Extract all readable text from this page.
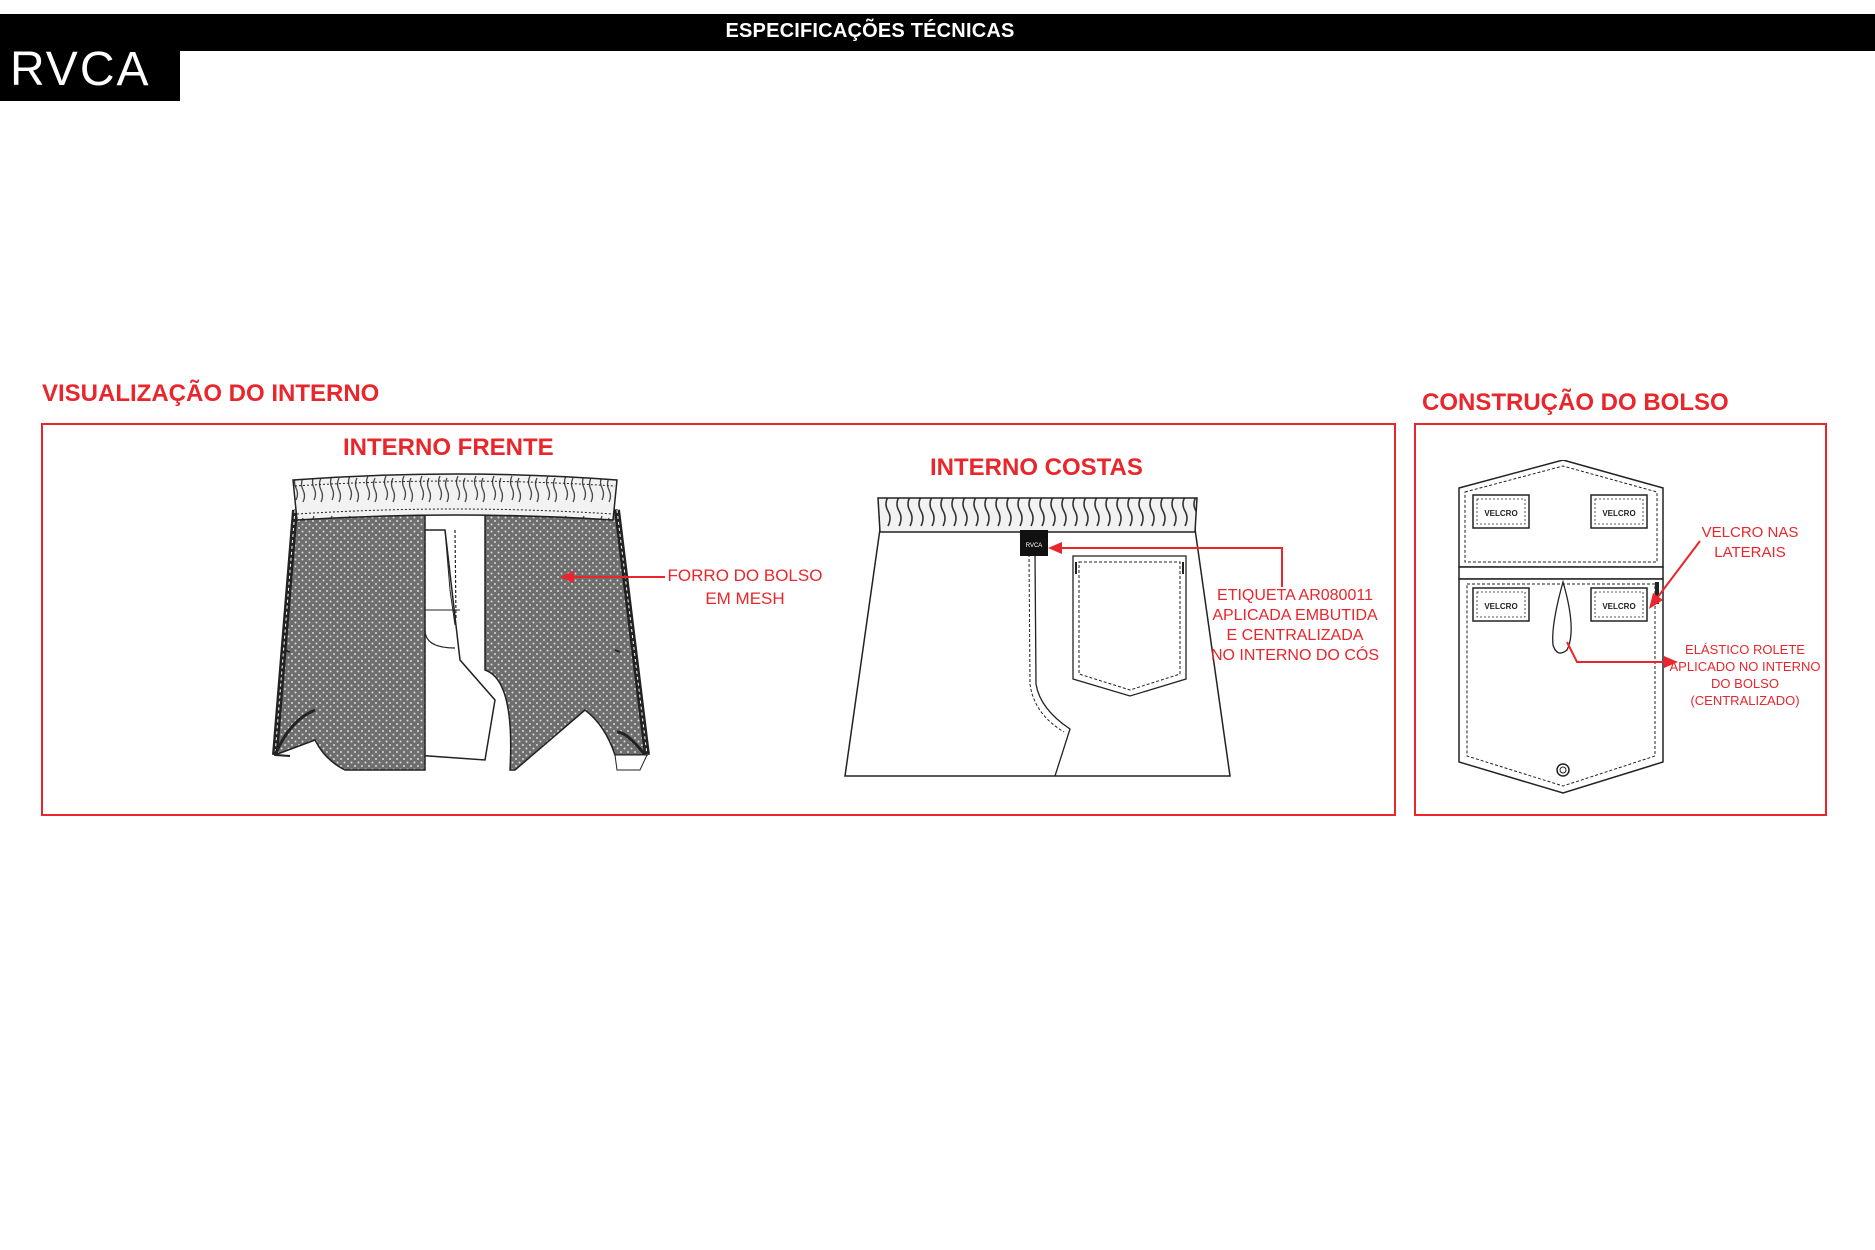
ESPECIFICAÇÕES TÉCNICAS
RVCA
VISUALIZAÇÃO DO INTERNO	CONSTRUÇÃO DO BOLSO
INTERNO FRENTE
INTERNO COSTAS
FORRO DO BOLSO
EM MESH
RVCA
ETIQUETA AR080011
APLICADA EMBUTIDA
E CENTRALIZADA
NO INTERNO DO CÓS
VELCRO	VELCRO
VELCRO	VELCRO
VELCRO NAS
LATERAIS
ELÁSTICO ROLETE
APLICADO NO INTERNO
DO BOLSO (CENTRALIZADO)
